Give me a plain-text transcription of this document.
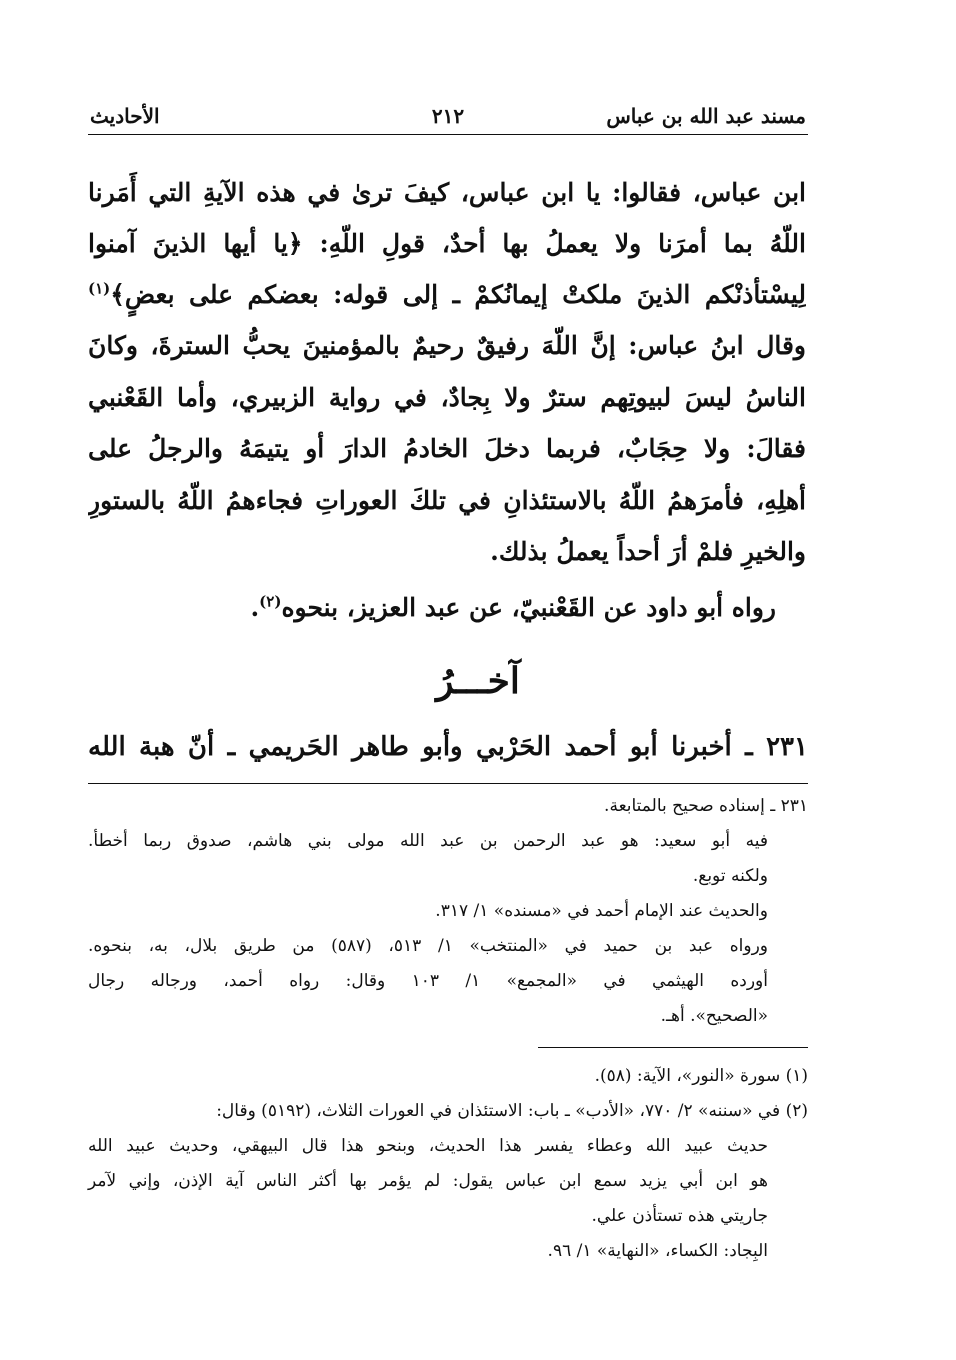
مسند عبد الله بن عباس
٢١٢
الأحاديث
ابن عباس، فقالوا: يا ابن عباس، كيفَ ترىٰ في هذه الآيةِ التي أَمَرنا
اللّهُ بما أمرَنا ولا يعملُ بها أحدٌ، قولِ اللّهِ: ﴿يا أيها الذينَ آمنوا
لِيسْتأذنْكم الذينَ ملكتْ إيمانُكمْ ـ إلى قوله: بعضكم على بعضٍ﴾$^{(١)}$
وقال ابنُ عباس: إنَّ اللّهَ رفيقٌ رحيمٌ بالمؤمنينَ يحبُّ السترةَ، وكانَ
الناسُ ليسَ لبيوتِهم سترٌ ولا بِجادٌ، في رواية الزبيري، وأما القَعْنبي
فقالَ: ولا حِجَابٌ، فربما دخلَ الخادمُ الدارَ أو يتيمَهُ والرجلُ على
أهلِهِ، فأمرَهمُ اللّهُ بالاستئذانِ في تلكَ العوراتِ فجاءهمُ اللّهُ بالستورِ
والخيرِ فلمْ أرَ أحداً يعملُ بذلك.
رواه أبو داود عن القَعْنبيّ، عن عبد العزيز، بنحوه$^{(٢)}$.
آخـــرُ
٢٣١ ـ أخبرنا أبو أحمد الحَرْبي وأبو طاهر الحَريمي ـ أنّ هبة الله
٢٣١ ـ إسناده صحيح بالمتابعة.
فيه أبو سعيد: هو عبد الرحمن بن عبد الله مولى بني هاشم، صدوق ربما أخطأ.
ولكنه توبع.
والحديث عند الإمام أحمد في «مسنده» ١/ ٣١٧.
ورواه عبد بن حميد في «المنتخب» ١/ ٥١٣، (٥٨٧) من طريق بلال، به، بنحوه.
أورده الهيثمي في «المجمع» ١/ ١٠٣ وقال: رواه أحمد، ورجاله رجال
«الصحيح». أهـ.
(١) سورة «النور»، الآية: (٥٨).
(٢) في «سننه» ٢/ ٧٧٠، «الأدب» ـ باب: الاستئذان في العورات الثلاث، (٥١٩٢) وقال:
حديث عبيد الله وعطاء يفسر هذا الحديث، وبنحو هذا قال البيهقي، وحديث عبيد الله
هو ابن أبي يزيد سمع ابن عباس يقول: لم يؤمر بها أكثر الناس آية الإذن، وإني لآمر
جاريتي هذه تستأذن علي.
البِجاد: الكساء، «النهاية» ١/ ٩٦.
